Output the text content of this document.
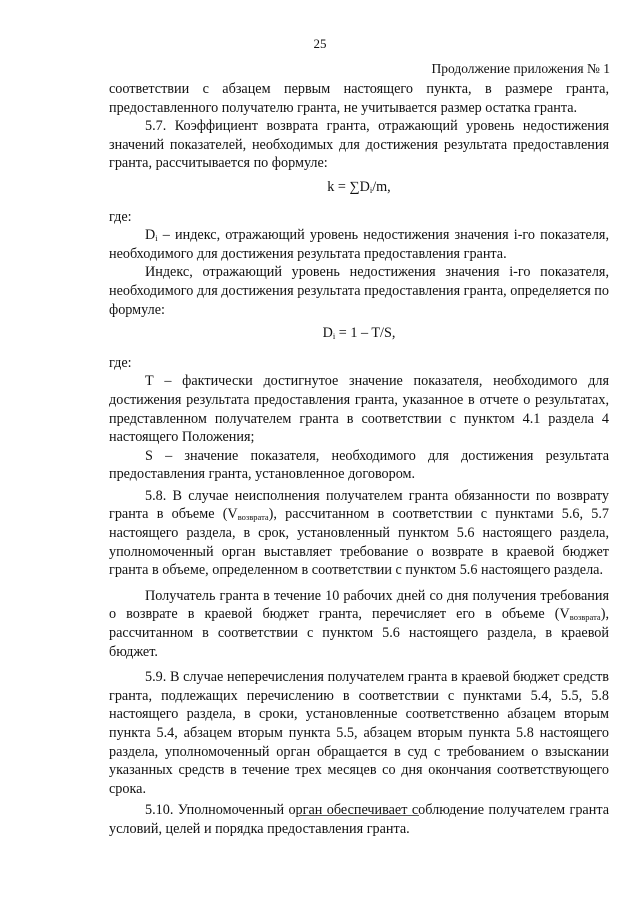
25
Продолжение приложения № 1

соответствии с абзацем первым настоящего пункта, в размере гранта, предоставленного получателю гранта, не учитывается размер остатка гранта.

5.7. Коэффициент возврата гранта, отражающий уровень недостижения значений показателей, необходимых для достижения результата предоставления гранта, рассчитывается по формуле:

$k = \sum D_i/m$,

где:

$D_i$ – индекс, отражающий уровень недостижения значения i-го показателя, необходимого для достижения результата предоставления гранта.

Индекс, отражающий уровень недостижения значения i-го показателя, необходимого для достижения результата предоставления гранта, определяется по формуле:

$D_i = 1 - T/S$,

где:

Т – фактически достигнутое значение показателя, необходимого для достижения результата предоставления гранта, указанное в отчете о результатах, представленном получателем гранта в соответствии с пунктом 4.1 раздела 4 настоящего Положения;

S – значение показателя, необходимого для достижения результата предоставления гранта, установленное договором.

5.8. В случае неисполнения получателем гранта обязанности по возврату гранта в объеме $(V_{возврата})$, рассчитанном в соответствии с пунктами 5.6, 5.7 настоящего раздела, в срок, установленный пунктом 5.6 настоящего раздела, уполномоченный орган выставляет требование о возврате в краевой бюджет гранта в объеме, определенном в соответствии с пунктом 5.6 настоящего раздела.

Получатель гранта в течение 10 рабочих дней со дня получения требования о возврате в краевой бюджет гранта, перечисляет его в объеме $(V_{возврата})$, рассчитанном в соответствии с пунктом 5.6 настоящего раздела, в краевой бюджет.

5.9. В случае неперечисления получателем гранта в краевой бюджет средств гранта, подлежащих перечислению в соответствии с пунктами 5.4, 5.5, 5.8 настоящего раздела, в сроки, установленные соответственно абзацем вторым пункта 5.4, абзацем вторым пункта 5.5, абзацем вторым пункта 5.8 настоящего раздела, уполномоченный орган обращается в суд с требованием о взыскании указанных средств в течение трех месяцев со дня окончания соответствующего срока.

5.10. Уполномоченный орган обеспечивает соблюдение получателем гранта условий, целей и порядка предоставления гранта.
